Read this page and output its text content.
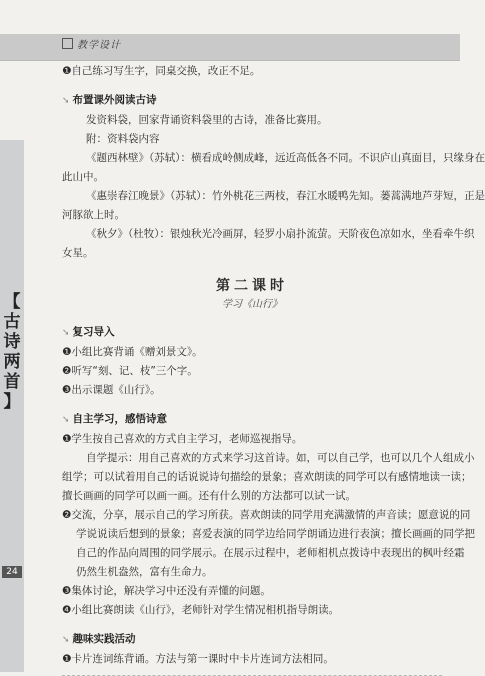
教学设计
【
古
诗
两
首
】
24
❶自己练习写生字，同桌交换，改正不足。
➘ 布置课外阅读古诗
发资料袋，回家背诵资料袋里的古诗，准备比赛用。
附：资料袋内容
《题西林壁》（苏轼）：横看成岭侧成峰，远近高低各不同。不识庐山真面目，只缘身在
此山中。
《惠崇春江晚景》（苏轼）：竹外桃花三两枝，春江水暖鸭先知。蒌蒿满地芦芽短，正是
河豚欲上时。
《秋夕》（杜牧）：银烛秋光冷画屏，轻罗小扇扑流萤。天阶夜色凉如水，坐看牵牛织
女星。
第二课时
学习《山行》
➘ 复习导入
❶小组比赛背诵《赠刘景文》。
❷听写“刻、记、枝”三个字。
❸出示课题《山行》。
➘ 自主学习，感悟诗意
❶学生按自己喜欢的方式自主学习，老师巡视指导。
自学提示：用自己喜欢的方式来学习这首诗。如，可以自己学，也可以几个人组成小
组学；可以试着用自己的话说说诗句描绘的景象；喜欢朗读的同学可以有感情地读一读；
擅长画画的同学可以画一画。还有什么别的方法都可以试一试。
❷交流，分享，展示自己的学习所获。喜欢朗读的同学用充满激情的声音读；愿意说的同
学说说读后想到的景象；喜爱表演的同学边给同学朗诵边进行表演；擅长画画的同学把
自己的作品向周围的同学展示。在展示过程中，老师相机点拨诗中表现出的枫叶经霜
仍然生机盎然，富有生命力。
❸集体讨论，解决学习中还没有弄懂的问题。
❹小组比赛朗读《山行》，老师针对学生情况相机指导朗读。
➘ 趣味实践活动
❶卡片连词练背诵。方法与第一课时中卡片连词方法相同。
